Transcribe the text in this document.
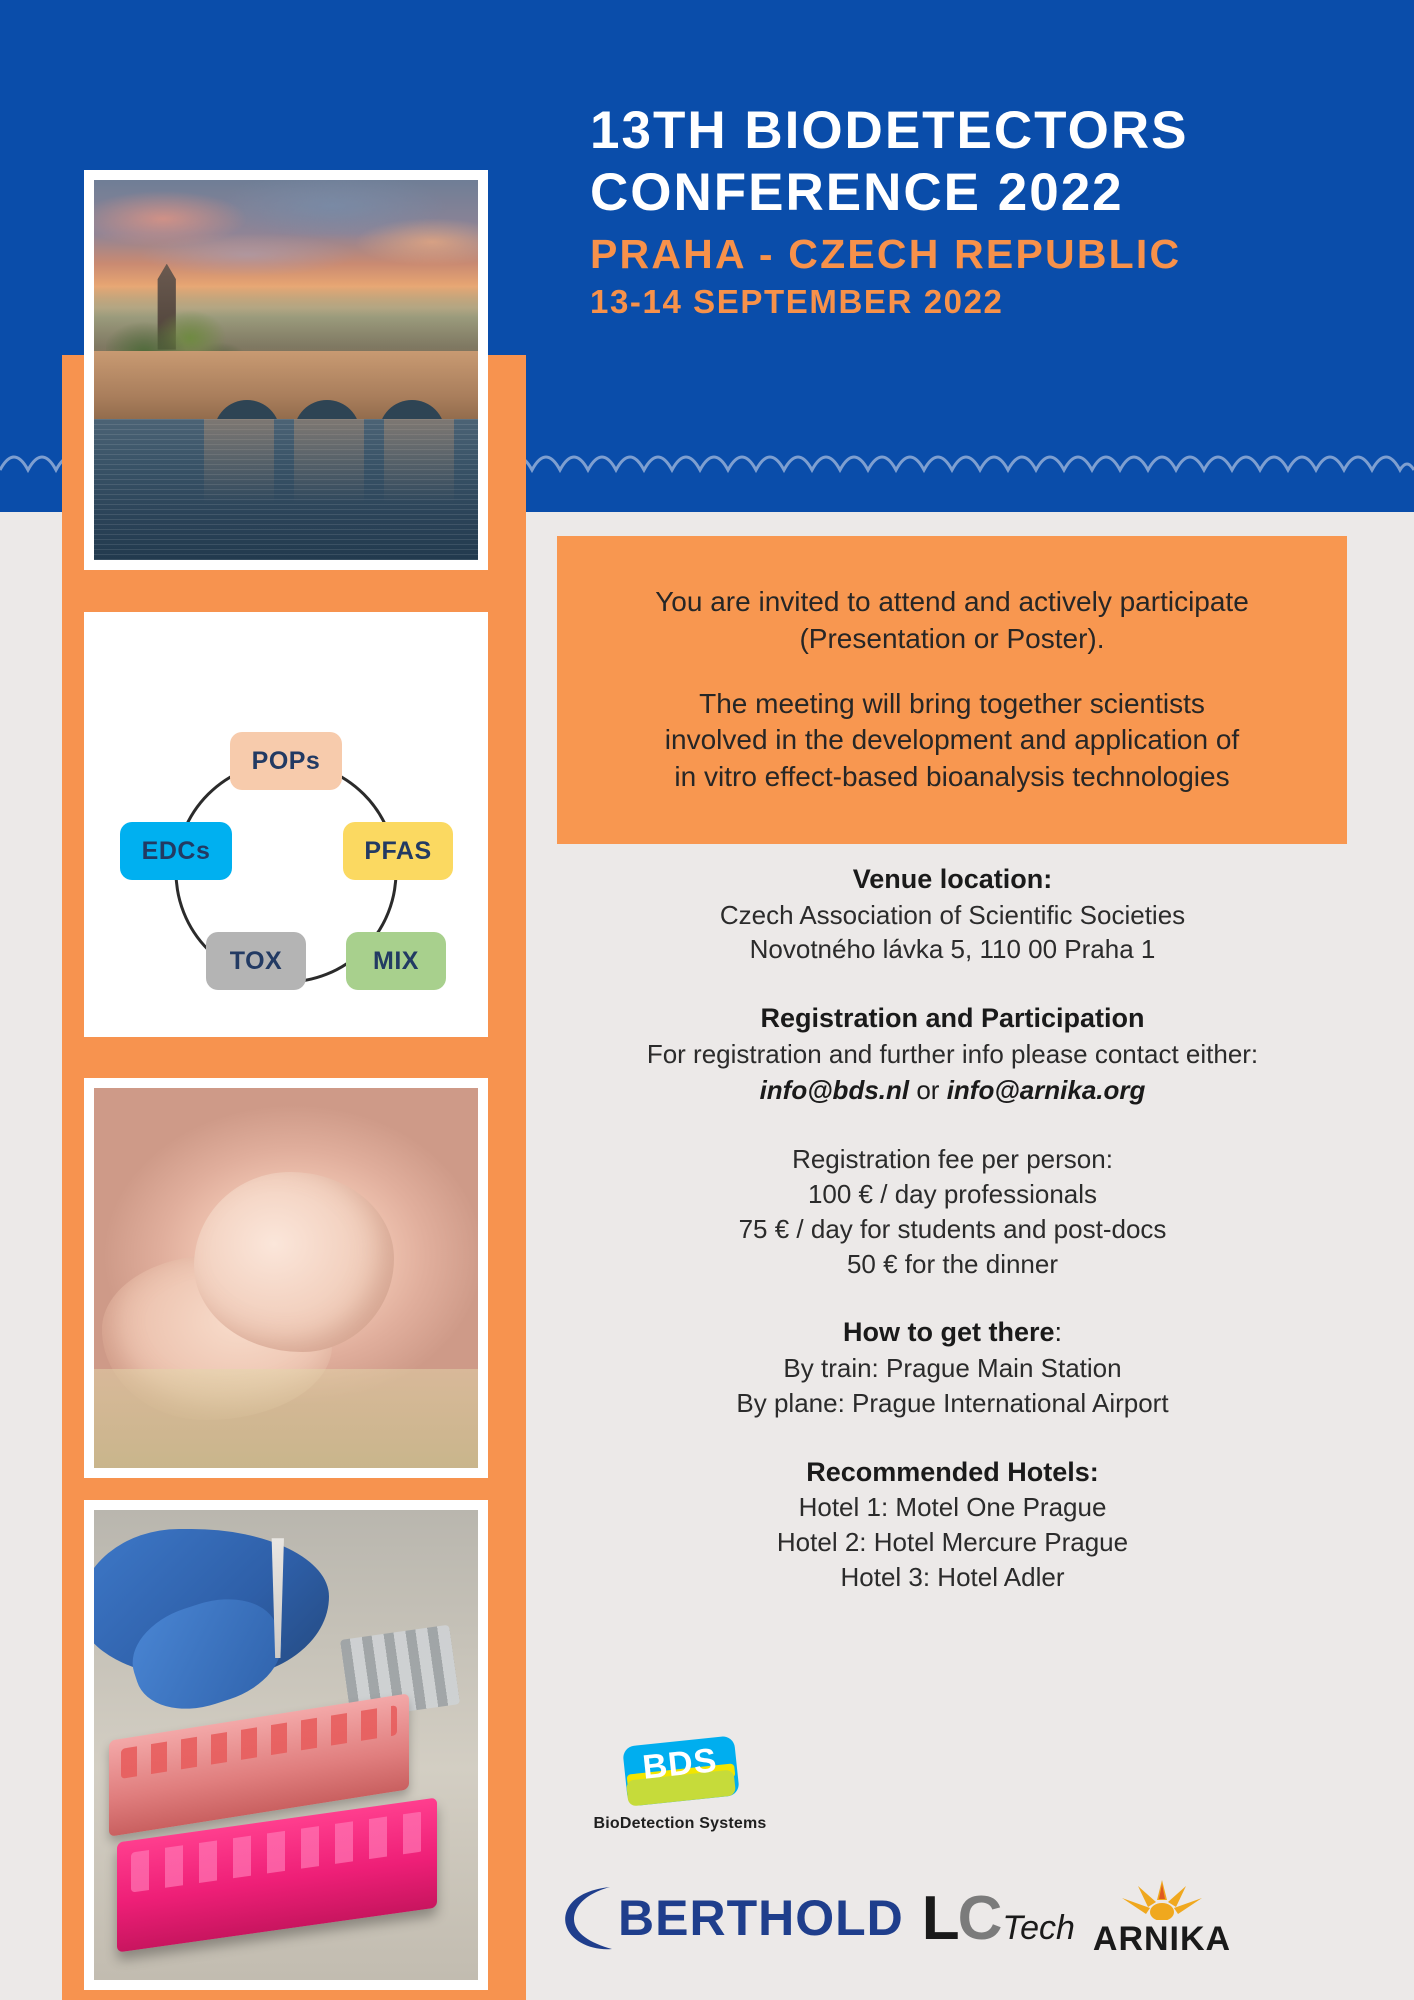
13TH BIODETECTORS
CONFERENCE 2022
PRAHA - CZECH REPUBLIC
13-14 SEPTEMBER 2022
POPs
PFAS
MIX
TOX
EDCs
You are invited to attend and actively participate
(Presentation or Poster).
The meeting will bring together scientists
involved in the development and application of
in vitro effect-based bioanalysis technologies
Venue location:
Czech Association of Scientific Societies
Novotného lávka 5, 110 00 Praha 1
Registration and Participation
For registration and further info please contact either:
info@bds.nl or info@arnika.org
Registration fee per person:
100 € / day professionals
75 € / day for students and post-docs
50 € for the dinner
How to get there:
By train: Prague Main Station
By plane: Prague International Airport
Recommended Hotels:
Hotel 1: Motel One Prague
Hotel 2: Hotel Mercure Prague
Hotel 3: Hotel Adler
BDS
BioDetection Systems
BERTHOLD L C Tech ARNIKA
